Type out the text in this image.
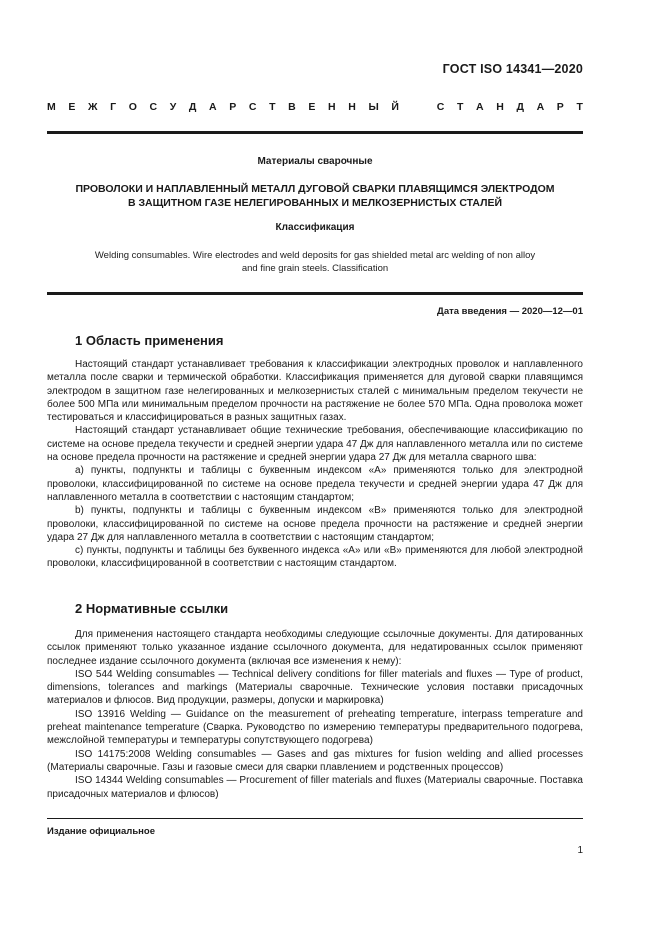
ГОСТ ISO 14341—2020
М Е Ж Г О С У Д А Р С Т В Е Н Н Ы Й	С Т А Н Д А Р Т
Материалы сварочные
ПРОВОЛОКИ И НАПЛАВЛЕННЫЙ МЕТАЛЛ ДУГОВОЙ СВАРКИ ПЛАВЯЩИМСЯ ЭЛЕКТРОДОМ
В ЗАЩИТНОМ ГАЗЕ НЕЛЕГИРОВАННЫХ И МЕЛКОЗЕРНИСТЫХ СТАЛЕЙ
Классификация
Welding consumables. Wire electrodes and weld deposits for gas shielded metal arc welding of non alloy
and fine grain steels. Classification
Дата введения — 2020—12—01
1 Область применения

Настоящий стандарт устанавливает требования к классификации электродных проволок и наплавленного металла после сварки и термической обработки. Классификация применяется для дуговой сварки плавящимся электродом в защитном газе нелегированных и мелкозернистых сталей с минимальным пределом текучести не более 500 МПа или минимальным пределом прочности на растяжение не более 570 МПа. Одна проволока может тестироваться и классифицироваться в разных защитных газах.

Настоящий стандарт устанавливает общие технические требования, обеспечивающие классификацию по системе на основе предела текучести и средней энергии удара 47 Дж для наплавленного металла или по системе на основе предела прочности на растяжение и средней энергии удара 27 Дж для металла сварного шва:

a) пункты, подпункты и таблицы с буквенным индексом «А» применяются только для электродной проволоки, классифицированной по системе на основе предела текучести и средней энергии удара 47 Дж для наплавленного металла в соответствии с настоящим стандартом;

b) пункты, подпункты и таблицы с буквенным индексом «В» применяются только для электродной проволоки, классифицированной по системе на основе предела прочности на растяжение и средней энергии удара 27 Дж для наплавленного металла в соответствии с настоящим стандартом;

c) пункты, подпункты и таблицы без буквенного индекса «А» или «В» применяются для любой электродной проволоки, классифицированной в соответствии с настоящим стандартом.

2 Нормативные ссылки

Для применения настоящего стандарта необходимы следующие ссылочные документы. Для датированных ссылок применяют только указанное издание ссылочного документа, для недатированных ссылок применяют последнее издание ссылочного документа (включая все изменения к нему):

ISO 544 Welding consumables — Technical delivery conditions for filler materials and fluxes — Type of product, dimensions, tolerances and markings (Материалы сварочные. Технические условия поставки присадочных материалов и флюсов. Вид продукции, размеры, допуски и маркировка)

ISO 13916 Welding — Guidance on the measurement of preheating temperature, interpass temperature and preheat maintenance temperature (Сварка. Руководство по измерению температуры предварительного подогрева, межслойной температуры и температуры сопутствующего подогрева)

ISO 14175:2008 Welding consumables — Gases and gas mixtures for fusion welding and allied processes (Материалы сварочные. Газы и газовые смеси для сварки плавлением и родственных процессов)

ISO 14344 Welding consumables — Procurement of filler materials and fluxes (Материалы сварочные. Поставка присадочных материалов и флюсов)

Издание официальное
1
